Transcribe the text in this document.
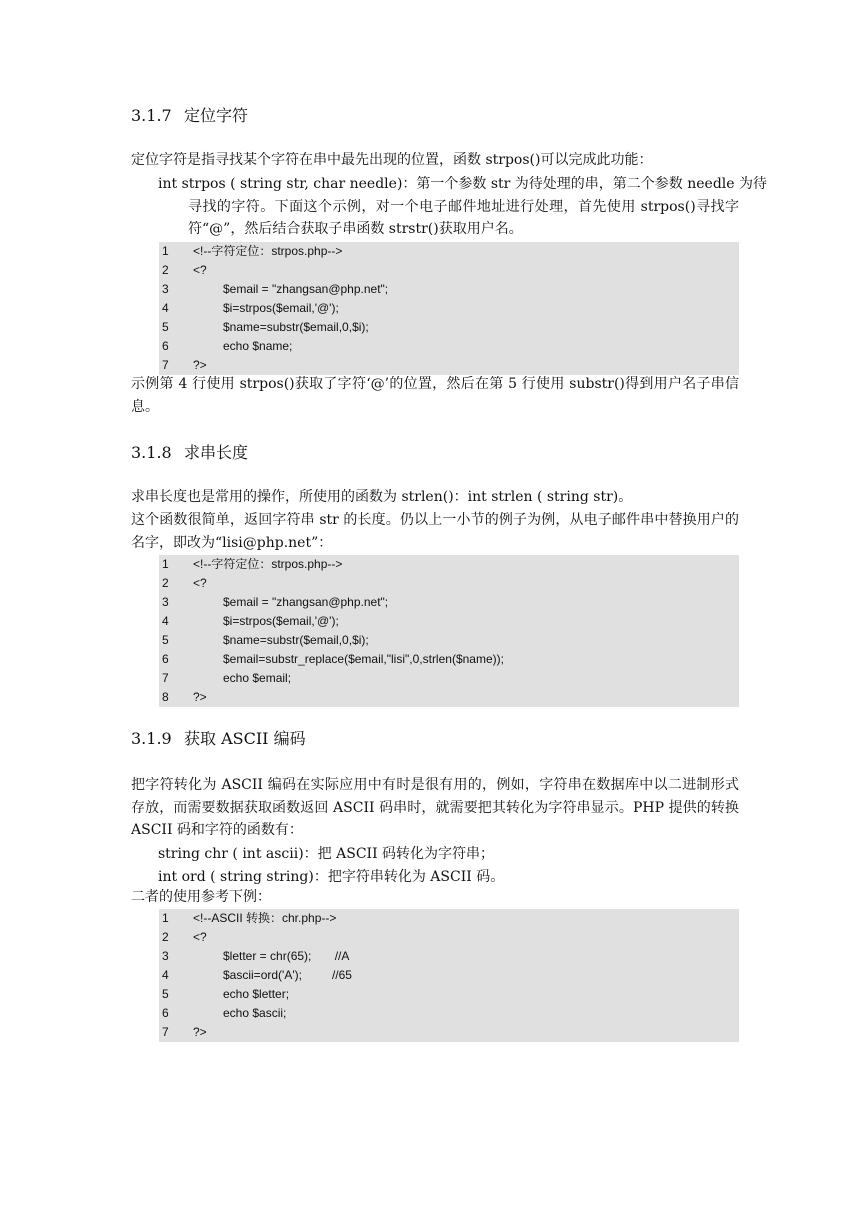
3.1.7 定位字符
定位字符是指寻找某个字符在串中最先出现的位置，函数 strpos()可以完成此功能：
int strpos ( string str, char needle)：第一个参数 str 为待处理的串，第二个参数 needle 为待
寻找的字符。下面这个示例，对一个电子邮件地址进行处理，首先使用 strpos()寻找字符“@”，然后结合获取子串函数 strstr()获取用户名。
1 <!--字符定位：strpos.php-->
2 <?
3	$email = "zhangsan@php.net";
4	$i=strpos($email,'@');
5	$name=substr($email,0,$i);
6	echo $name;
7 ?>
示例第 4 行使用 strpos()获取了字符‘@’的位置，然后在第 5 行使用 substr()得到用户名子串信息。
3.1.8 求串长度
求串长度也是常用的操作，所使用的函数为 strlen()：int strlen ( string str)。
这个函数很简单，返回字符串 str 的长度。仍以上一小节的例子为例，从电子邮件串中替换用户的名字，即改为“lisi@php.net”：
1 <!--字符定位：strpos.php-->
2 <?
3	$email = "zhangsan@php.net";
4	$i=strpos($email,'@');
5	$name=substr($email,0,$i);
6	$email=substr_replace($email,"lisi",0,strlen($name));
7	echo $email;
8 ?>
3.1.9 获取 ASCII 编码
把字符转化为 ASCII 编码在实际应用中有时是很有用的，例如，字符串在数据库中以二进制形式存放，而需要数据获取函数返回 ASCII 码串时，就需要把其转化为字符串显示。PHP 提供的转换 ASCII 码和字符的函数有：
string chr ( int ascii)：把 ASCII 码转化为字符串；
int ord ( string string)：把字符串转化为 ASCII 码。
二者的使用参考下例：
1 <!--ASCII 转换：chr.php-->
2 <?
3	$letter = chr(65);       //A
4	$ascii=ord('A');         //65
5	echo $letter;
6	echo $ascii;
7 ?>
